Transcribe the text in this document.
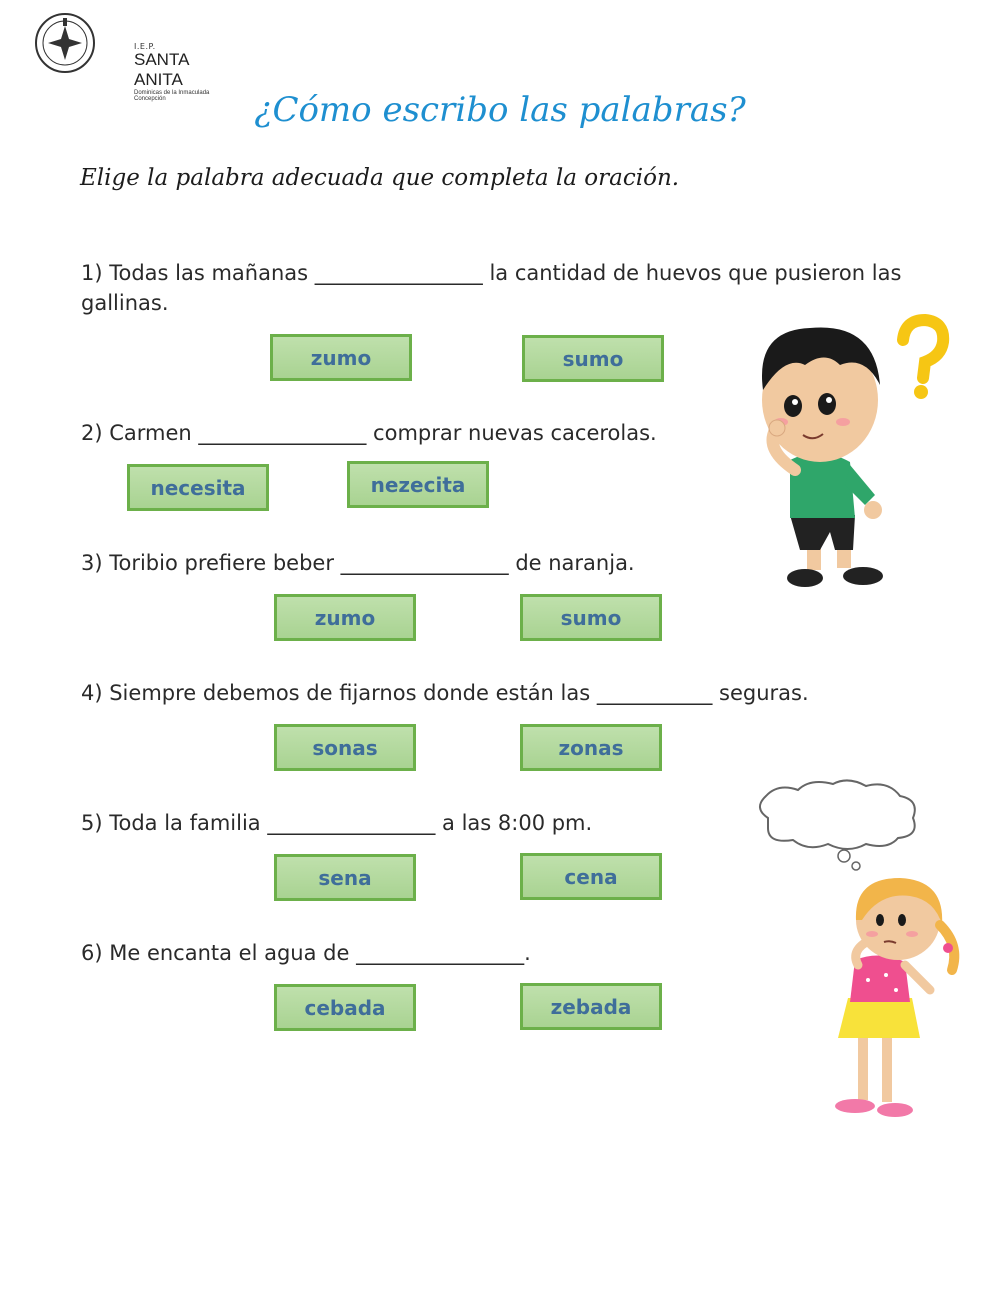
I.E.P.
SANTA ANITA
Dominicas de la Inmaculada Concepción	¿Cómo escribo las palabras?
Elige la palabra adecuada que completa la oración.
1) Todas las mañanas ________________ la cantidad de huevos que pusieron las gallinas.
zumo	sumo
2) Carmen ________________ comprar nuevas cacerolas.
necesita	nezecita
3) Toribio prefiere beber ________________ de naranja.
zumo	sumo
4) Siempre debemos de fijarnos donde están las ___________ seguras.
sonas	zonas
5) Toda la familia ________________ a las 8:00 pm.
sena	cena
6) Me encanta el agua de ________________.
cebada	zebada
